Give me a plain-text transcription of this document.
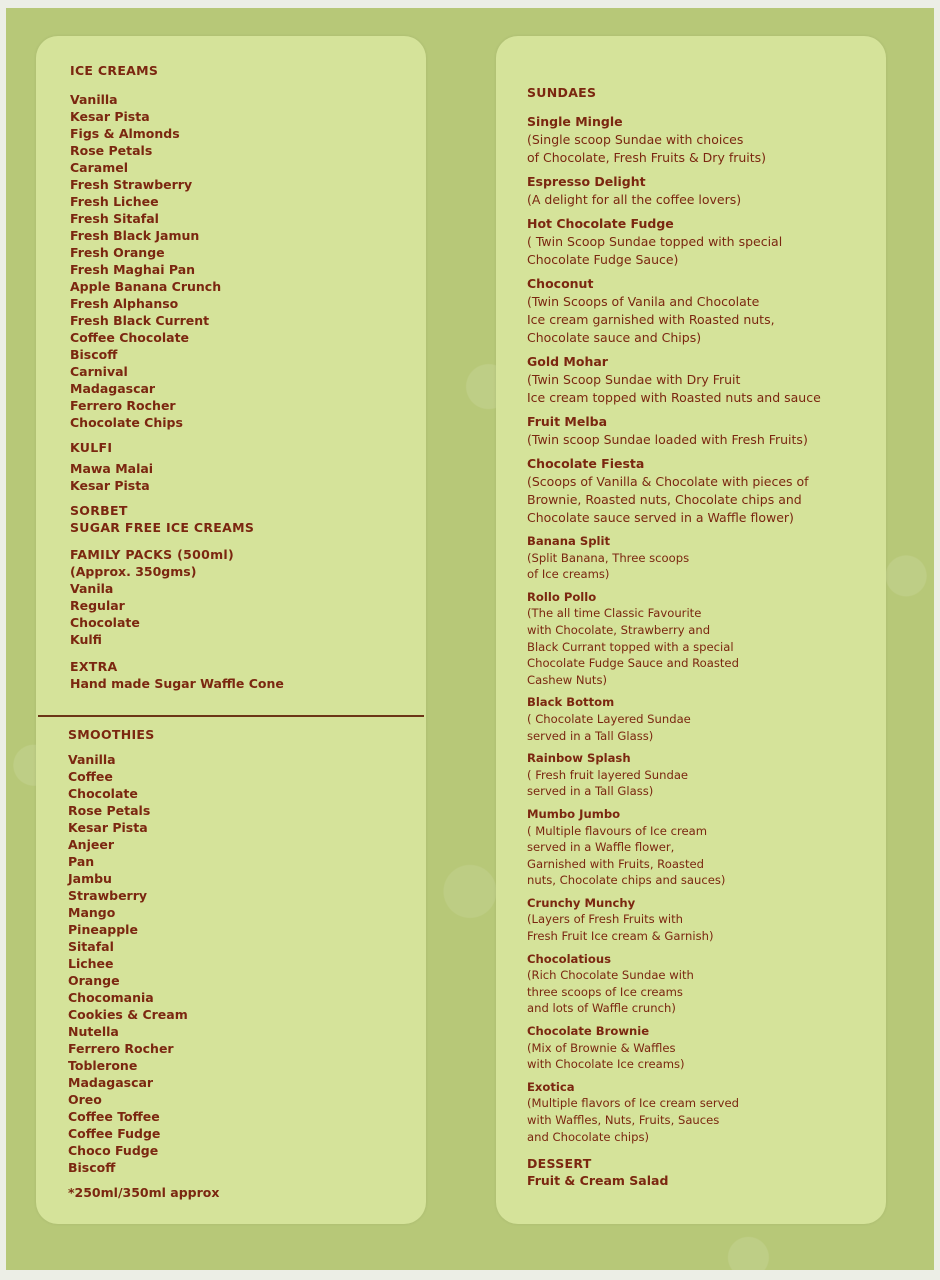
ICE CREAMS
Vanilla
Kesar Pista
Figs & Almonds
Rose Petals
Caramel
Fresh Strawberry
Fresh Lichee
Fresh Sitafal
Fresh Black Jamun
Fresh Orange
Fresh Maghai Pan
Apple Banana Crunch
Fresh Alphanso
Fresh Black Current
Coffee Chocolate
Biscoff
Carnival
Madagascar
Ferrero Rocher
Chocolate Chips
KULFI
Mawa Malai
Kesar Pista
SORBET
SUGAR FREE ICE CREAMS
FAMILY PACKS (500ml)
(Approx. 350gms)
Vanila
Regular
Chocolate
Kulfi
EXTRA
Hand made Sugar Waffle Cone
SMOOTHIES
Vanilla
Coffee
Chocolate
Rose Petals
Kesar Pista
Anjeer
Pan
Jambu
Strawberry
Mango
Pineapple
Sitafal
Lichee
Orange
Chocomania
Cookies & Cream
Nutella
Ferrero Rocher
Toblerone
Madagascar
Oreo
Coffee Toffee
Coffee Fudge
Choco Fudge
Biscoff
*250ml/350ml approx
SUNDAES
Single Mingle
(Single scoop Sundae with choices
of Chocolate, Fresh Fruits & Dry fruits)
Espresso Delight
(A delight for all the coffee lovers)
Hot Chocolate Fudge
( Twin Scoop Sundae topped with special
Chocolate Fudge Sauce)
Choconut
(Twin Scoops of Vanila and Chocolate
Ice cream garnished with Roasted nuts,
Chocolate sauce and Chips)
Gold Mohar
(Twin Scoop Sundae with Dry Fruit
Ice cream topped with Roasted nuts and sauce
Fruit Melba
(Twin scoop Sundae loaded with Fresh Fruits)
Chocolate Fiesta
(Scoops of Vanilla & Chocolate with pieces of
Brownie, Roasted nuts, Chocolate chips and
Chocolate sauce served in a Waffle flower)
Banana Split
(Split Banana, Three scoops
of Ice creams)
Rollo Pollo
(The all time Classic Favourite
with Chocolate, Strawberry and
Black Currant topped with a special
Chocolate Fudge Sauce and Roasted
Cashew Nuts)
Black Bottom
( Chocolate Layered Sundae
served in a Tall Glass)
Rainbow Splash
( Fresh fruit layered Sundae
served in a Tall Glass)
Mumbo Jumbo
( Multiple flavours of Ice cream
served in a Waffle flower,
Garnished with Fruits, Roasted
nuts, Chocolate chips and sauces)
Crunchy Munchy
(Layers of Fresh Fruits with
Fresh Fruit Ice cream & Garnish)
Chocolatious
(Rich Chocolate Sundae with
three scoops of Ice creams
and lots of Waffle crunch)
Chocolate Brownie
(Mix of Brownie & Waffles
with Chocolate Ice creams)
Exotica
(Multiple flavors of Ice cream served
with Waffles, Nuts, Fruits, Sauces
and Chocolate chips)
DESSERT
Fruit & Cream Salad
